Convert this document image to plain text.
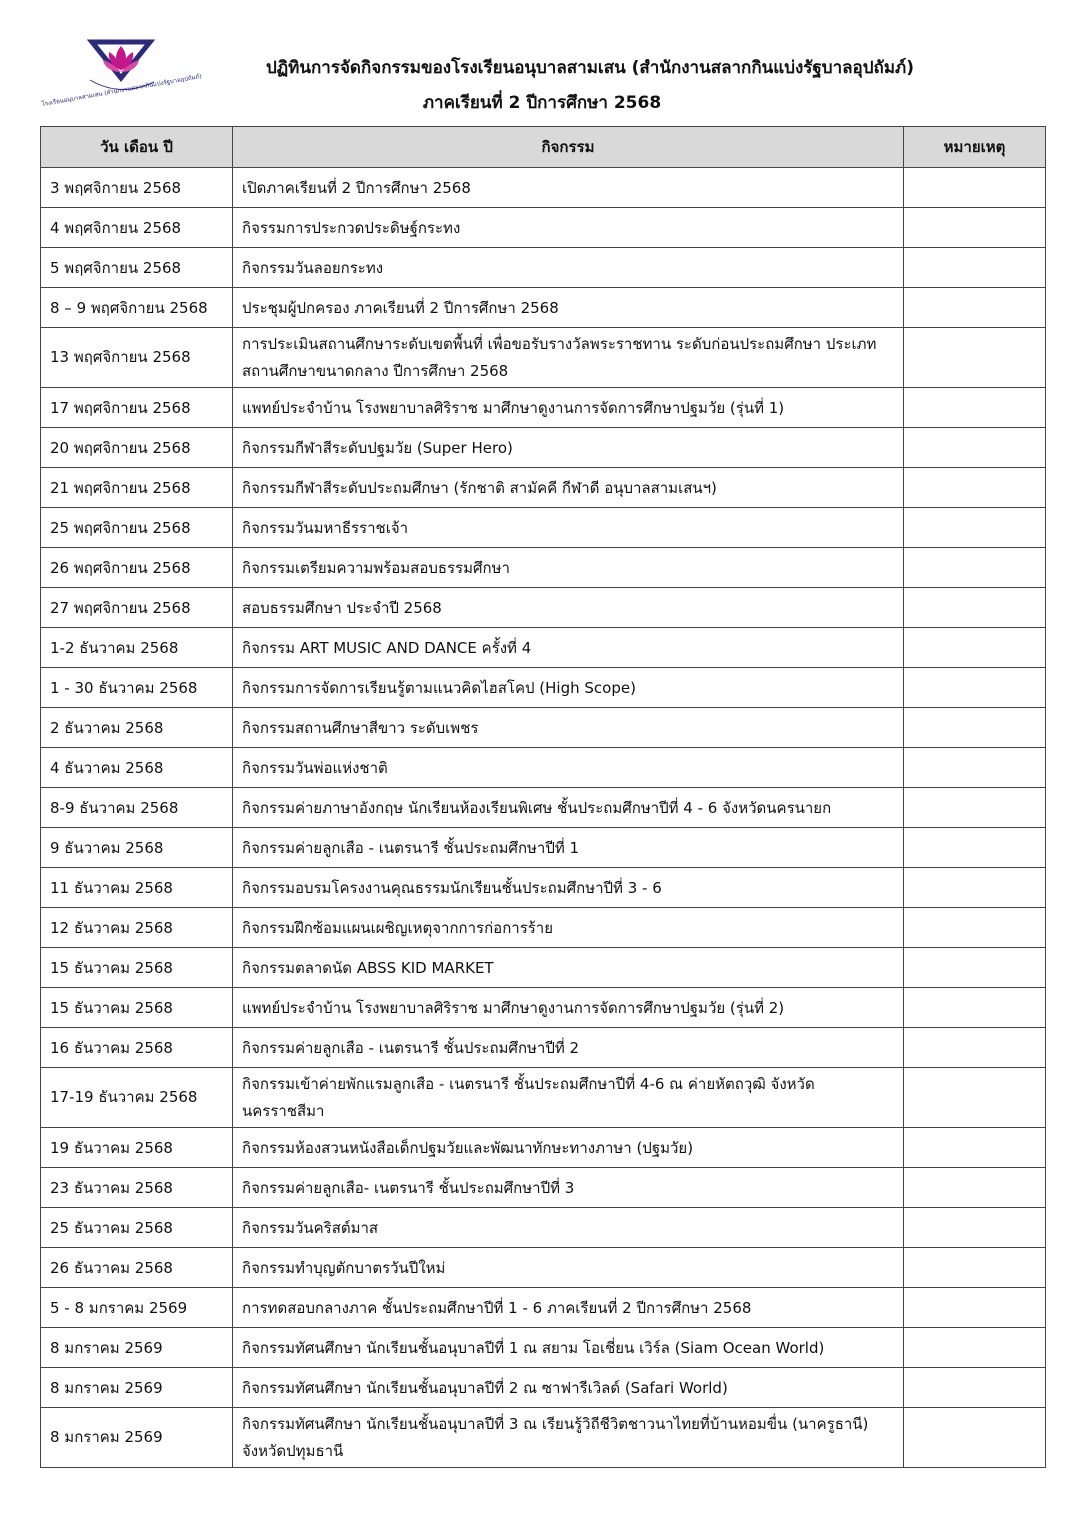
โรงเรียนอนุบาลสามเสน (สำนักงานสลากกินแบ่งรัฐบาลอุปถัมภ์)
ปฏิทินการจัดกิจกรรมของโรงเรียนอนุบาลสามเสน (สำนักงานสลากกินแบ่งรัฐบาลอุปถัมภ์)
ภาคเรียนที่ 2 ปีการศึกษา 2568
วัน เดือน ปี	กิจกรรม	หมายเหตุ
3 พฤศจิกายน 2568	เปิดภาคเรียนที่ 2 ปีการศึกษา 2568	
4 พฤศจิกายน 2568	กิจรรมการประกวดประดิษฐ์กระทง	
5 พฤศจิกายน 2568	กิจกรรมวันลอยกระทง	
8 – 9 พฤศจิกายน 2568	ประชุมผู้ปกครอง ภาคเรียนที่ 2 ปีการศึกษา 2568	
13 พฤศจิกายน 2568	การประเมินสถานศึกษาระดับเขตพื้นที่ เพื่อขอรับรางวัลพระราชทาน ระดับก่อนประถมศึกษา ประเภทสถานศึกษาขนาดกลาง ปีการศึกษา 2568	
17 พฤศจิกายน 2568	แพทย์ประจำบ้าน โรงพยาบาลศิริราช มาศึกษาดูงานการจัดการศึกษาปฐมวัย (รุ่นที่ 1)	
20 พฤศจิกายน 2568	กิจกรรมกีฬาสีระดับปฐมวัย (Super Hero)	
21 พฤศจิกายน 2568	กิจกรรมกีฬาสีระดับประถมศึกษา (รักชาติ สามัคคี กีฬาดี อนุบาลสามเสนฯ)	
25 พฤศจิกายน 2568	กิจกรรมวันมหาธีรราชเจ้า	
26 พฤศจิกายน 2568	กิจกรรมเตรียมความพร้อมสอบธรรมศึกษา	
27 พฤศจิกายน 2568	สอบธรรมศึกษา ประจำปี 2568	
1-2 ธันวาคม 2568	กิจกรรม ART MUSIC AND DANCE ครั้งที่ 4	
1 - 30 ธันวาคม 2568	กิจกรรมการจัดการเรียนรู้ตามแนวคิดไฮสโคป (High Scope)	
2 ธันวาคม 2568	กิจกรรมสถานศึกษาสีขาว ระดับเพชร	
4 ธันวาคม 2568	กิจกรรมวันพ่อแห่งชาติ	
8-9 ธันวาคม 2568	กิจกรรมค่ายภาษาอังกฤษ นักเรียนห้องเรียนพิเศษ ชั้นประถมศึกษาปีที่ 4 - 6 จังหวัดนครนายก	
9 ธันวาคม 2568	กิจกรรมค่ายลูกเสือ - เนตรนารี ชั้นประถมศึกษาปีที่ 1	
11 ธันวาคม 2568	กิจกรรมอบรมโครงงานคุณธรรมนักเรียนชั้นประถมศึกษาปีที่ 3 - 6	
12 ธันวาคม 2568	กิจกรรมฝึกซ้อมแผนเผชิญเหตุจากการก่อการร้าย	
15 ธันวาคม 2568	กิจกรรมตลาดนัด ABSS KID MARKET	
15 ธันวาคม 2568	แพทย์ประจำบ้าน โรงพยาบาลศิริราช มาศึกษาดูงานการจัดการศึกษาปฐมวัย (รุ่นที่ 2)	
16 ธันวาคม 2568	กิจกรรมค่ายลูกเสือ - เนตรนารี ชั้นประถมศึกษาปีที่ 2	
17-19 ธันวาคม 2568	กิจกรรมเข้าค่ายพักแรมลูกเสือ - เนตรนารี ชั้นประถมศึกษาปีที่ 4-6 ณ ค่ายหัตถวุฒิ จังหวัดนครราชสีมา	
19 ธันวาคม 2568	กิจกรรมห้องสวนหนังสือเด็กปฐมวัยและพัฒนาทักษะทางภาษา (ปฐมวัย)	
23 ธันวาคม 2568	กิจกรรมค่ายลูกเสือ- เนตรนารี ชั้นประถมศึกษาปีที่ 3	
25 ธันวาคม 2568	กิจกรรมวันคริสต์มาส	
26 ธันวาคม 2568	กิจกรรมทำบุญตักบาตรวันปีใหม่	
5 - 8 มกราคม 2569	การทดสอบกลางภาค ชั้นประถมศึกษาปีที่ 1 - 6 ภาคเรียนที่ 2 ปีการศึกษา 2568	
8 มกราคม 2569	กิจกรรมทัศนศึกษา นักเรียนชั้นอนุบาลปีที่ 1 ณ สยาม โอเชี่ยน เวิร์ล (Siam Ocean World)	
8 มกราคม 2569	กิจกรรมทัศนศึกษา นักเรียนชั้นอนุบาลปีที่ 2 ณ ซาฟารีเวิลด์ (Safari World)	
8 มกราคม 2569	กิจกรรมทัศนศึกษา นักเรียนชั้นอนุบาลปีที่ 3 ณ เรียนรู้วิถีชีวิตชาวนาไทยที่บ้านหอมขื่น (นาครูธานี) จังหวัดปทุมธานี	
